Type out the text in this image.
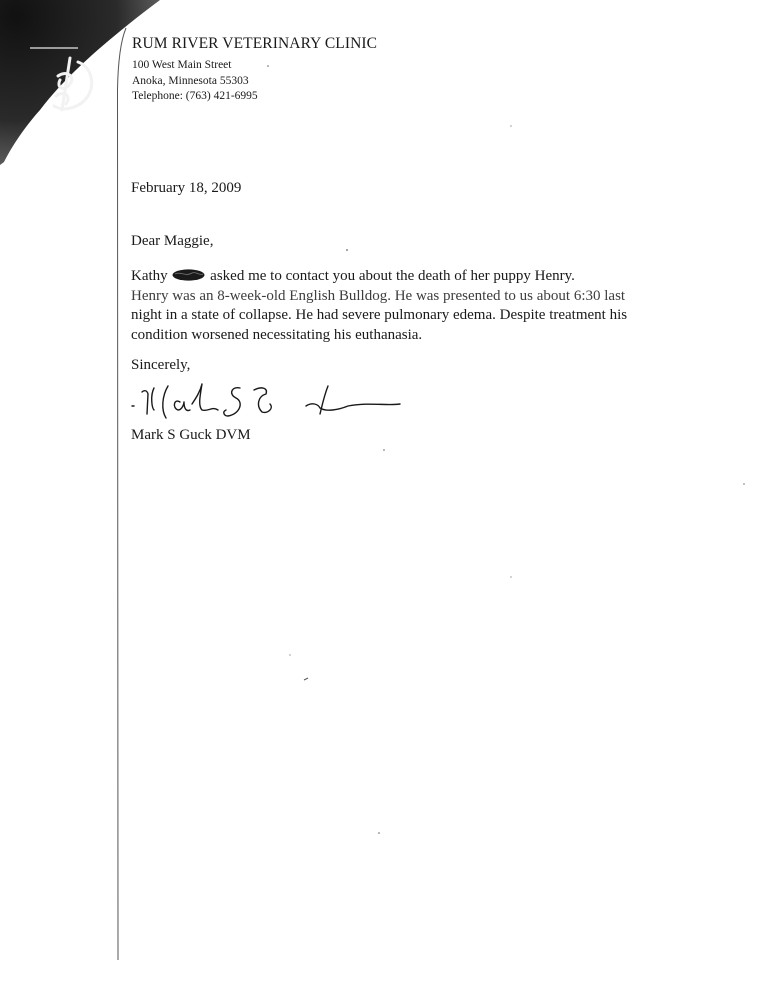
RUM RIVER VETERINARY CLINIC
100 West Main Street
Anoka, Minnesota 55303
Telephone: (763) 421-6995
February 18, 2009
Dear Maggie,
Kathy  asked me to contact you about the death of her puppy Henry.
Henry was an 8-week-old English Bulldog. He was presented to us about 6:30 last
night in a state of collapse. He had severe pulmonary edema. Despite treatment his
condition worsened necessitating his euthanasia.
Sincerely,
Mark S Guck DVM
